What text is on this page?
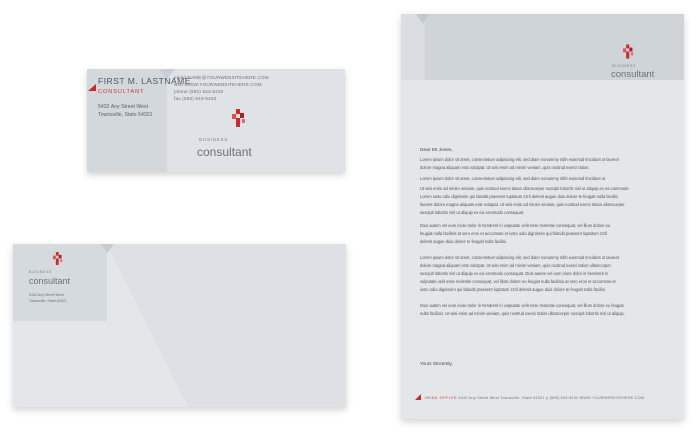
FIRST M. LASTNAME
CONSULTANT
5432 Any Street West
Townsville, State 54321
email NAME@YOURWEBSITEHERE.COM
web WWW.YOURWEBSITEHERE.COM
phone (555) 543-5432
fax (555) 543-5433
BUSINESS
consultant
BUSINESS
consultant
5432 Any Street West
Townsville, State 54321
BUSINESS
consultant
Dear Mr Jones,
Lorem ipsum dolor sit amet, consectetuer adipiscing elit, sed diam nonummy nibh euismod tincidunt ut laoreet
dolore magna aliquam erat volutpat. Ut wisi enim ad minim veniam, quis nostrud exerci tation.
Lorem ipsum dolor sit amet, consectetuer adipiscing elit, sed diam nonummy nibh euismod tincidunt ut
Ut wisi enim ad minim veniam, quis nostrud exerci tation ullamcorper suscipit lobortis nisl ut aliquip ex ea commodo
Lorem iusto odio dignissim qui blandit praesent luptatum zzril delenit augue duis dolore te feugait nulla facilisi.
laoreet dolore magna aliquam erat volutpat. Ut wisi enim ad minim veniam, quis nostrud exerci tation ullamcorper
suscipit lobortis nisl ut aliquip ex ea commodo consequat.
Duis autem vel eum iriure dolor in hendrerit in vulputate velit esse molestie consequat, vel illum dolore eu
feugiat nulla facilisis at vero eros et accumsan et iusto odio dignissim qui blandit praesent luptatum zzril
delenit augue duis dolore te feugait nulla facilisi.
Lorem ipsum dolor sit amet, consectetuer adipiscing elit, sed diam nonummy nibh euismod tincidunt ut laoreet
dolore magna aliquam erat volutpat. Ut wisi enim ad minim veniam, quis nostrud exerci tation ullamcorper
suscipit lobortis nisl ut aliquip ex ea commodo consequat. Duis autem vel eum iriure dolor in hendrerit in
vulputate velit esse molestie consequat, vel illum dolore eu feugiat nulla facilisis at vero eros et accumsan et
iusto odio dignissim qui blandit praesent luptatum zzril delenit augue duis dolore te feugait nulla facilisi.
Duis autem vel eum iriure dolor in hendrerit in vulputate velit esse molestie consequat, vel illum dolore eu feugiat
nulla facilisis. Ut wisi enim ad minim veniam, quis nostrud exerci tation ullamcorper suscipit lobortis nisl ut aliquip.
Yours Sincerely,
HEAD OFFICE 5432 Any Street West Townsville, State 54321 p (555) 543-5432 WWW.YOURWEBSITEHERE.COM
